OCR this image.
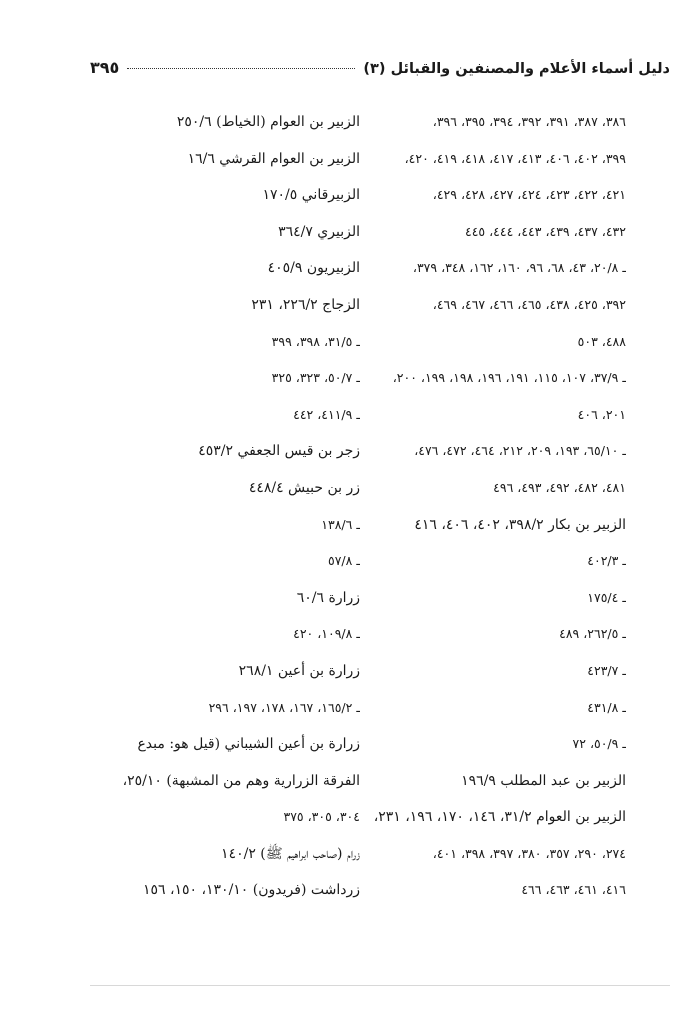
دليل أسماء الأعلام والمصنفين والقبائل (٣)
٣٩٥
٣٨٦، ٣٨٧، ٣٩١، ٣٩٢، ٣٩٤، ٣٩٥، ٣٩٦،
٣٩٩، ٤٠٢، ٤٠٦، ٤١٣، ٤١٧، ٤١٨، ٤١٩، ٤٢٠،
٤٢١، ٤٢٢، ٤٢٣، ٤٢٤، ٤٢٧، ٤٢٨، ٤٢٩،
٤٣٢، ٤٣٧، ٤٣٩، ٤٤٣، ٤٤٤، ٤٤٥
ـ ٢٠/٨، ٤٣، ٦٨، ٩٦، ١٦٠، ١٦٢، ٣٤٨، ٣٧٩،
٣٩٢، ٤٢٥، ٤٣٨، ٤٦٥، ٤٦٦، ٤٦٧، ٤٦٩،
٤٨٨، ٥٠٣
ـ ٣٧/٩، ١٠٧، ١١٥، ١٩١، ١٩٦، ١٩٨، ١٩٩، ٢٠٠،
٢٠١، ٤٠٦
ـ ٦٥/١٠، ١٩٣، ٢٠٩، ٢١٢، ٤٦٤، ٤٧٢، ٤٧٦،
٤٨١، ٤٨٢، ٤٩٢، ٤٩٣، ٤٩٦
الزبير بن بكار ٣٩٨/٢، ٤٠٢، ٤٠٦، ٤١٦
ـ ٤٠٢/٣
ـ ١٧٥/٤
ـ ٢٦٢/٥، ٤٨٩
ـ ٤٢٣/٧
ـ ٤٣١/٨
ـ ٥٠/٩، ٧٢
الزبير بن عبد المطلب ١٩٦/٩
الزبير بن العوام ٣١/٢، ١٤٦، ١٧٠، ١٩٦، ٢٣١،
٢٧٤، ٢٩٠، ٣٥٧، ٣٨٠، ٣٩٧، ٣٩٨، ٤٠١،
٤١٦، ٤٦١، ٤٦٣، ٤٦٦
الزبير بن العوام (الخياط) ٢٥٠/٦
الزبير بن العوام القرشي ١٦/٦
الزبيرقاني ١٧٠/٥
الزبيري ٣٦٤/٧
الزبيريون ٤٠٥/٩
الزجاج ٢٢٦/٢، ٢٣١
ـ ٣١/٥، ٣٩٨، ٣٩٩
ـ ٥٠/٧، ٣٢٣، ٣٢٥
ـ ٤١١/٩، ٤٤٢
زجر بن قيس الجعفي ٤٥٣/٢
زر بن حبيش ٤٤٨/٤
ـ ١٣٨/٦
ـ ٥٧/٨
زرارة ٦٠/٦
ـ ١٠٩/٨، ٤٢٠
زرارة بن أعين ٢٦٨/١
ـ ١٦٥/٢، ١٦٧، ١٧٨، ١٩٧، ٢٩٦
زرارة بن أعين الشيباني (قيل هو: مبدع
الفرقة الزرارية وهم من المشبهة) ٢٥/١٠،
٣٠٤، ٣٠٥، ٣٧٥
زرام (صاحب ابراهيم ﷺ) ١٤٠/٢
زرداشت (فريدون) ١٣٠/١٠، ١٥٠، ١٥٦
